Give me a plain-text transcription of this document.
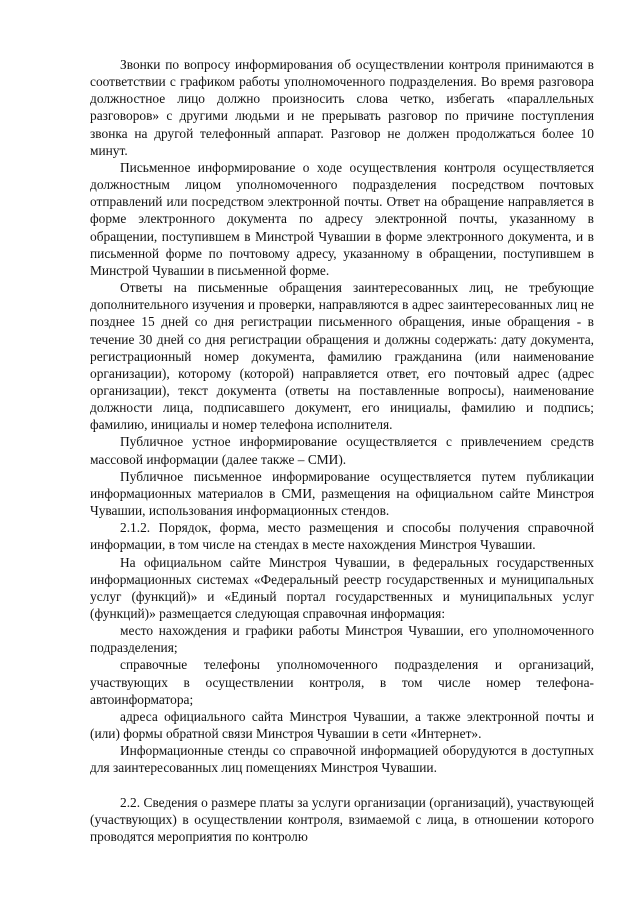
Звонки по вопросу информирования об осуществлении контроля принимаются в соответствии с графиком работы уполномоченного подразделения. Во время разговора должностное лицо должно произносить слова четко, избегать «параллельных разговоров» с другими людьми и не прерывать разговор по причине поступления звонка на другой телефонный аппарат. Разговор не должен продолжаться более 10 минут.

Письменное информирование о ходе осуществления контроля осуществляется должностным лицом уполномоченного подразделения посредством почтовых отправлений или посредством электронной почты. Ответ на обращение направляется в форме электронного документа по адресу электронной почты, указанному в обращении, поступившем в Минстрой Чувашии в форме электронного документа, и в письменной форме по почтовому адресу, указанному в обращении, поступившем в Минстрой Чувашии в письменной форме.

Ответы на письменные обращения заинтересованных лиц, не требующие дополнительного изучения и проверки, направляются в адрес заинтересованных лиц не позднее 15 дней со дня регистрации письменного обращения, иные обращения - в течение 30 дней со дня регистрации обращения и должны содержать: дату документа, регистрационный номер документа, фамилию гражданина (или наименование организации), которому (которой) направляется ответ, его почтовый адрес (адрес организации), текст документа (ответы на поставленные вопросы), наименование должности лица, подписавшего документ, его инициалы, фамилию и подпись; фамилию, инициалы и номер телефона исполнителя.

Публичное устное информирование осуществляется с привлечением средств массовой информации (далее также – СМИ).

Публичное письменное информирование осуществляется путем публикации информационных материалов в СМИ, размещения на официальном сайте Минстроя Чувашии, использования информационных стендов.

2.1.2. Порядок, форма, место размещения и способы получения справочной информации, в том числе на стендах в месте нахождения Минстроя Чувашии.

На официальном сайте Минстроя Чувашии, в федеральных государственных информационных системах «Федеральный реестр государственных и муниципальных услуг (функций)» и «Единый портал государственных и муниципальных услуг (функций)» размещается следующая справочная информация:

место нахождения и графики работы Минстроя Чувашии, его уполномоченного подразделения;

справочные телефоны уполномоченного подразделения и организаций, участвующих в осуществлении контроля, в том числе номер телефона-автоинформатора;

адреса официального сайта Минстроя Чувашии, а также электронной почты и (или) формы обратной связи Минстроя Чувашии в сети «Интернет».

Информационные стенды со справочной информацией оборудуются в доступных для заинтересованных лиц помещениях Минстроя Чувашии.

2.2. Сведения о размере платы за услуги организации (организаций), участвующей (участвующих) в осуществлении контроля, взимаемой с лица, в отношении которого проводятся мероприятия по контролю
